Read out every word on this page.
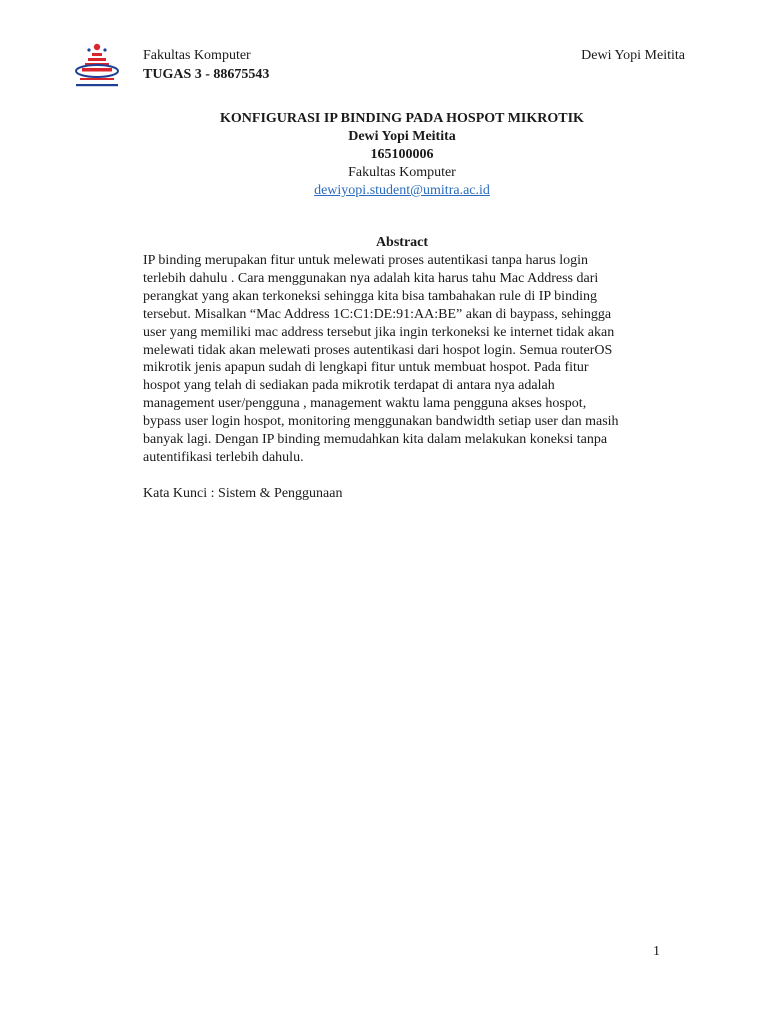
Fakultas Komputer
TUGAS 3 - 88675543
Dewi Yopi Meitita
KONFIGURASI IP BINDING PADA HOSPOT MIKROTIK
Dewi Yopi Meitita
165100006
Fakultas Komputer
dewiyopi.student@umitra.ac.id
Abstract

IP binding merupakan fitur untuk melewati proses autentikasi tanpa harus login
terlebih dahulu . Cara menggunakan nya adalah kita harus tahu Mac Address dari
perangkat yang akan terkoneksi sehingga kita bisa tambahakan rule di IP binding
tersebut. Misalkan “Mac Address 1C:C1:DE:91:AA:BE” akan di baypass, sehingga
user yang memiliki mac address tersebut jika ingin terkoneksi ke internet tidak akan
melewati tidak akan melewati proses autentikasi dari hospot login. Semua routerOS
mikrotik jenis apapun sudah di lengkapi fitur untuk membuat hospot. Pada fitur
hospot yang telah di sediakan pada mikrotik terdapat di antara nya adalah
management user/pengguna , management waktu lama pengguna akses hospot,
bypass user login hospot, monitoring menggunakan bandwidth setiap user dan masih
banyak lagi. Dengan IP binding memudahkan kita dalam melakukan koneksi tanpa
autentifikasi terlebih dahulu.

Kata Kunci : Sistem & Penggunaan
1
